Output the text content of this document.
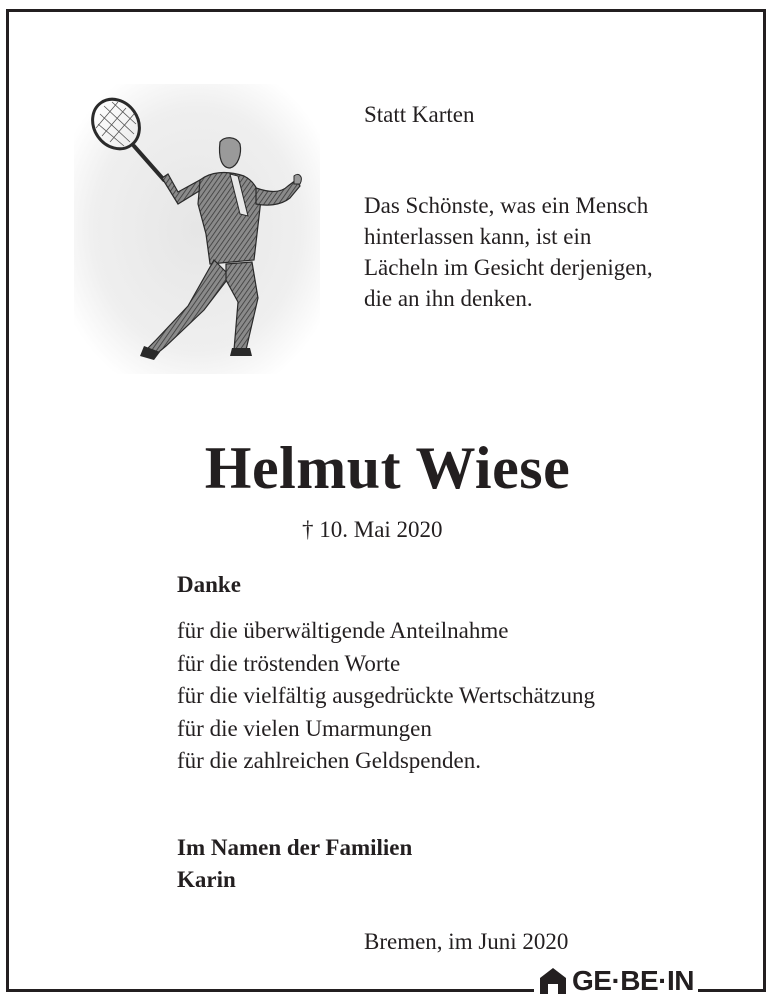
Statt Karten

Das Schönste, was ein Mensch
hinterlassen kann, ist ein
Lächeln im Gesicht derjenigen,
die an ihn denken.
Helmut Wiese
† 10. Mai 2020

Danke

für die überwältigende Anteilnahme
für die tröstenden Worte
für die vielfältig ausgedrückte Wertschätzung
für die vielen Umarmungen
für die zahlreichen Geldspenden.
Im Namen der Familien
Karin
Bremen, im Juni 2020
GE·BE·IN
